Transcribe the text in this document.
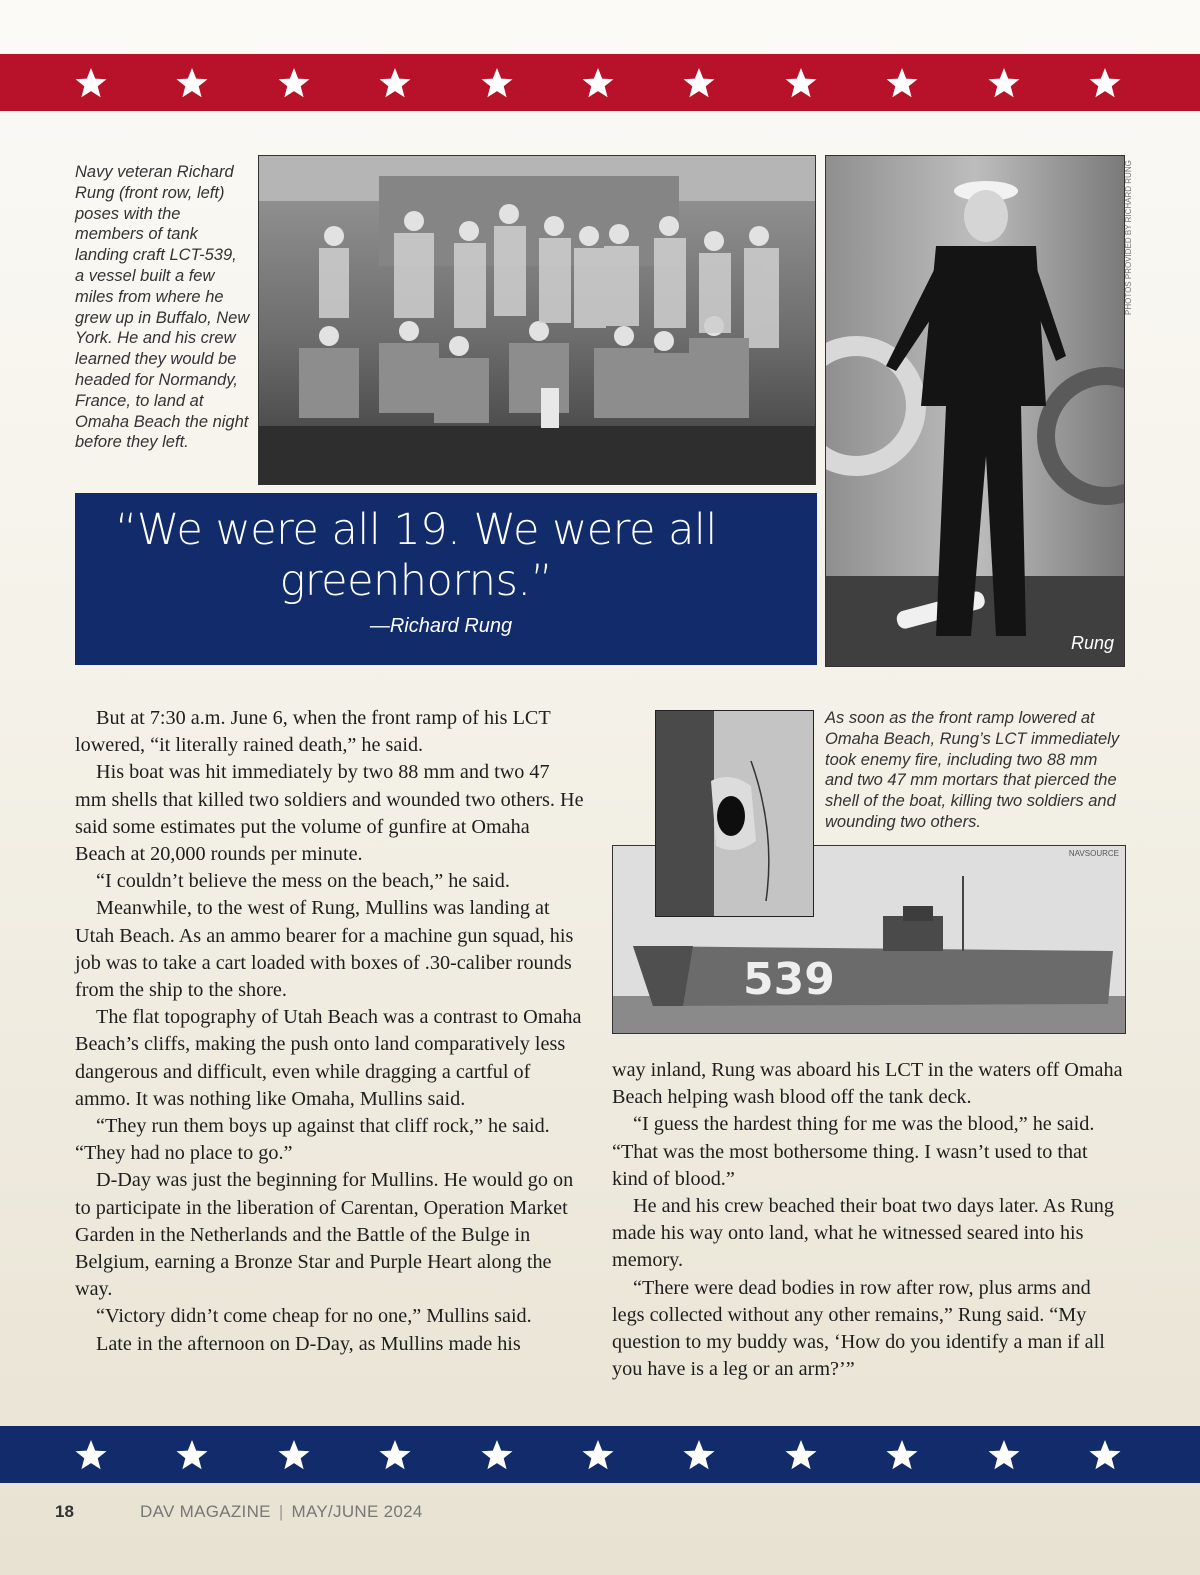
Navy veteran Richard Rung (front row, left) poses with the members of tank landing craft LCT-539, a vessel built a few miles from where he grew up in Buffalo, New York. He and his crew learned they would be headed for Normandy, France, to land at Omaha Beach the night before they left.
Rung
PHOTOS PROVIDED BY RICHARD RUNG
“We were all 19. We were all greenhorns.”
—Richard Rung
539
NAVSOURCE
As soon as the front ramp lowered at Omaha Beach, Rung’s LCT immediately took enemy fire, including two 88 mm and two 47 mm mortars that pierced the shell of the boat, killing two soldiers and wounding two others.

But at 7:30 a.m. June 6, when the front ramp of his LCT lowered, “it literally rained death,” he said.

His boat was hit immediately by two 88 mm and two 47 mm shells that killed two soldiers and wounded two others. He said some estimates put the volume of gunfire at Omaha Beach at 20,000 rounds per minute.

“I couldn’t believe the mess on the beach,” he said.

Meanwhile, to the west of Rung, Mullins was landing at Utah Beach. As an ammo bearer for a machine gun squad, his job was to take a cart loaded with boxes of .30-caliber rounds from the ship to the shore.

The flat topography of Utah Beach was a contrast to Omaha Beach’s cliffs, making the push onto land comparatively less dangerous and difficult, even while dragging a cartful of ammo. It was nothing like Omaha, Mullins said.

“They run them boys up against that cliff rock,” he said. “They had no place to go.”

D-Day was just the beginning for Mullins. He would go on to participate in the liberation of Carentan, Operation Market Garden in the Netherlands and the Battle of the Bulge in Belgium, earning a Bronze Star and Purple Heart along the way.

“Victory didn’t come cheap for no one,” Mullins said.

Late in the afternoon on D-Day, as Mullins made his

way inland, Rung was aboard his LCT in the waters off Omaha Beach helping wash blood off the tank deck.

“I guess the hardest thing for me was the blood,” he said. “That was the most bothersome thing. I wasn’t used to that kind of blood.”

He and his crew beached their boat two days later. As Rung made his way onto land, what he witnessed seared into his memory.

“There were dead bodies in row after row, plus arms and legs collected without any other remains,” Rung said. “My question to my buddy was, ‘How do you identify a man if all you have is a leg or an arm?’”

18	DAV MAGAZINE | MAY/JUNE 2024
